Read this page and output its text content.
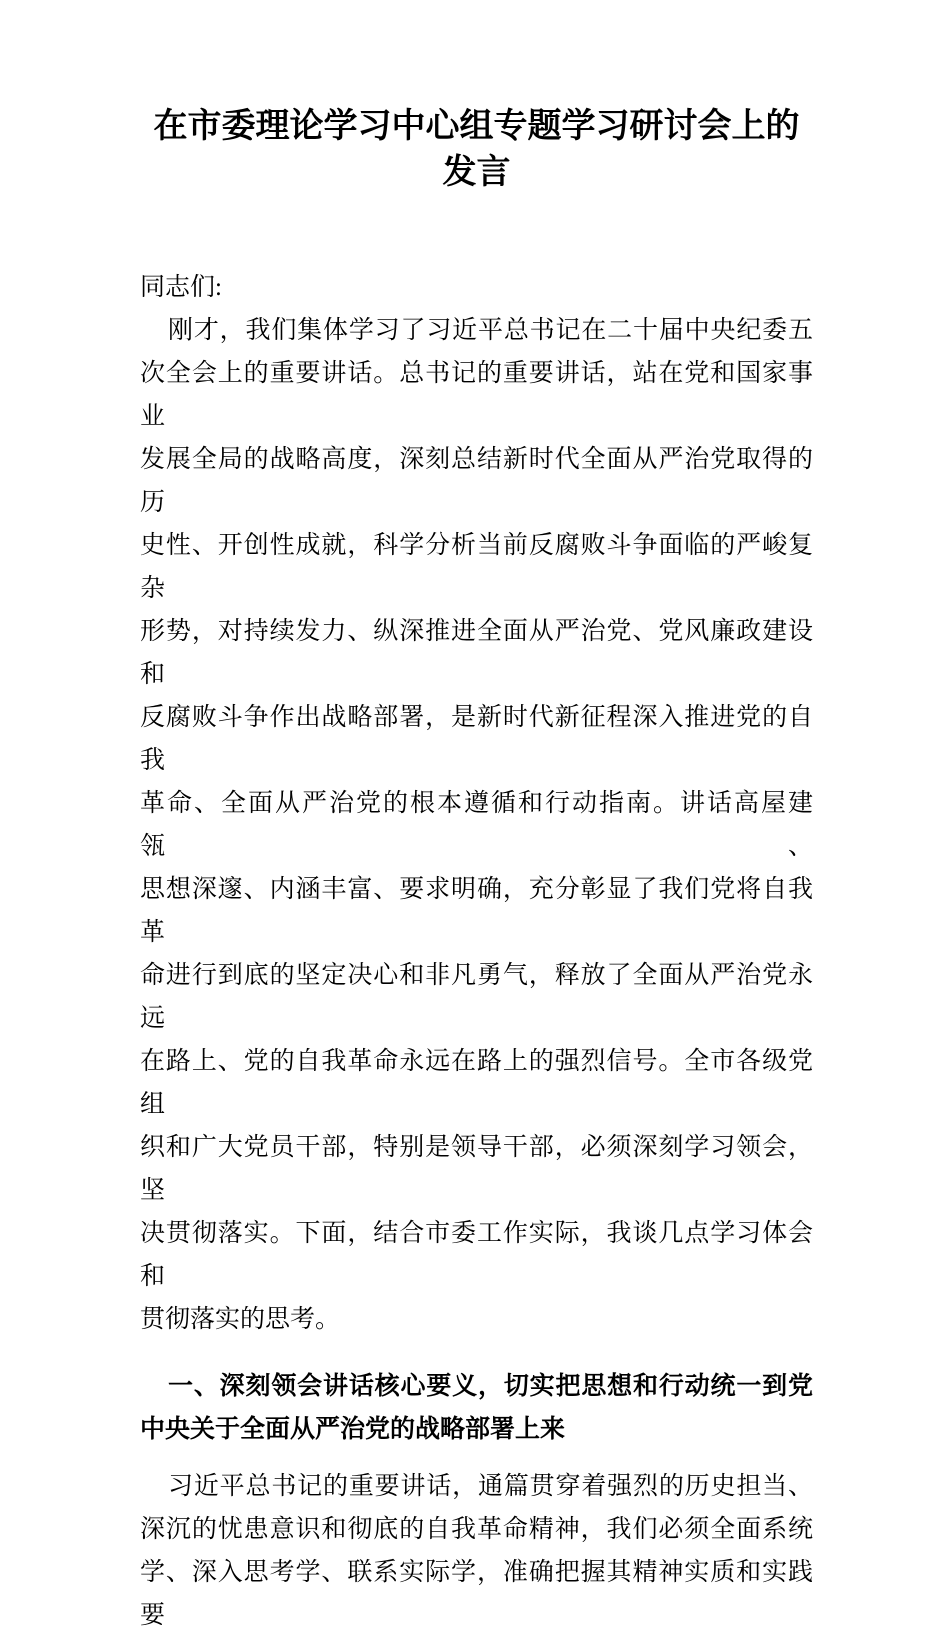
在市委理论学习中心组专题学习研讨会上的
发言
同志们:
刚才，我们集体学习了习近平总书记在二十届中央纪委五
次全会上的重要讲话。总书记的重要讲话，站在党和国家事业
发展全局的战略高度，深刻总结新时代全面从严治党取得的历
史性、开创性成就，科学分析当前反腐败斗争面临的严峻复杂
形势，对持续发力、纵深推进全面从严治党、党风廉政建设和
反腐败斗争作出战略部署，是新时代新征程深入推进党的自我
革命、全面从严治党的根本遵循和行动指南。讲话高屋建瓴、
思想深邃、内涵丰富、要求明确，充分彰显了我们党将自我革
命进行到底的坚定决心和非凡勇气，释放了全面从严治党永远
在路上、党的自我革命永远在路上的强烈信号。全市各级党组
织和广大党员干部，特别是领导干部，必须深刻学习领会，坚
决贯彻落实。下面，结合市委工作实际，我谈几点学习体会和
贯彻落实的思考。
一、深刻领会讲话核心要义，切实把思想和行动统一到党
中央关于全面从严治党的战略部署上来
习近平总书记的重要讲话，通篇贯穿着强烈的历史担当、
深沉的忧患意识和彻底的自我革命精神，我们必须全面系统
学、深入思考学、联系实际学，准确把握其精神实质和实践要
